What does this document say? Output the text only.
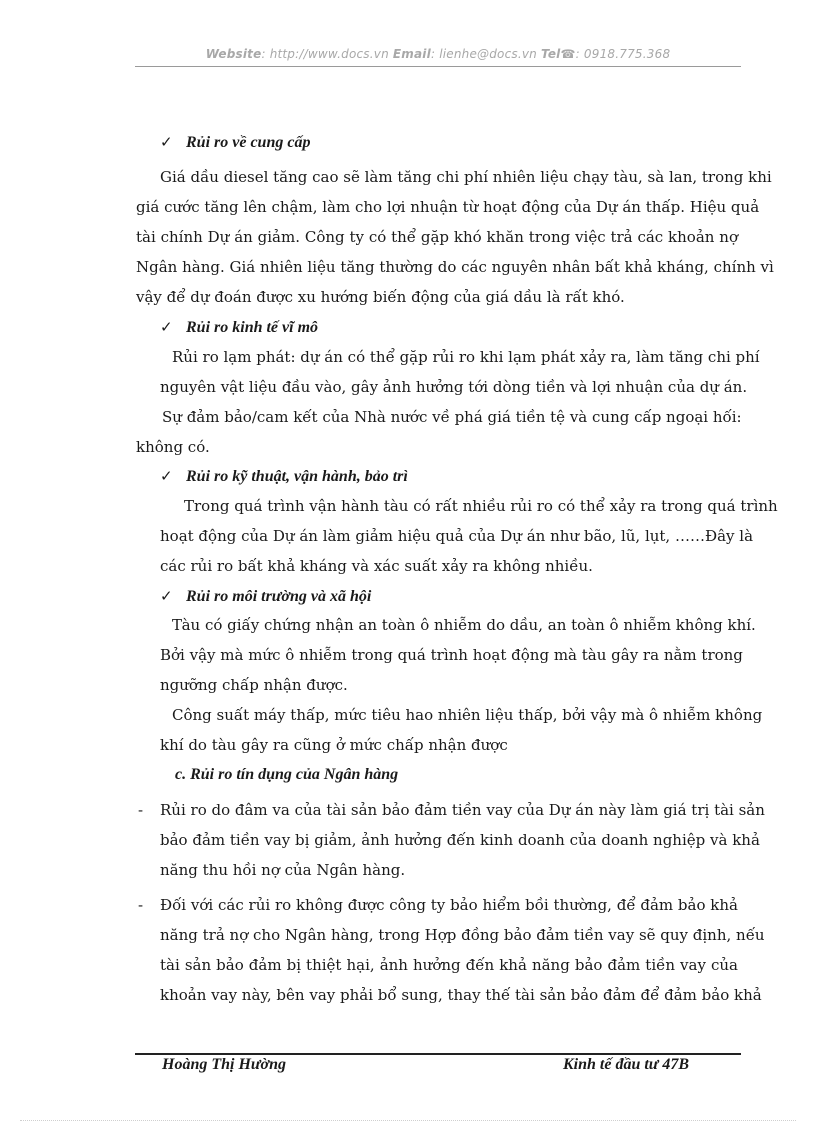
Website: http://www.docs.vn Email: lienhe@docs.vn Tel☎: 0918.775.368
✓ Rủi ro về cung cấp
Giá dầu diesel tăng cao sẽ làm tăng chi phí nhiên liệu chạy tàu, sà lan, trong khi
giá cước tăng lên chậm, làm cho lợi nhuận từ hoạt động của Dự án thấp. Hiệu quả
tài chính Dự án giảm. Công ty có thể gặp khó khăn trong việc trả các khoản nợ
Ngân hàng. Giá nhiên liệu tăng thường do các nguyên nhân bất khả kháng, chính vì
vậy để dự đoán được xu hướng biến động của giá dầu là rất khó.
✓ Rủi ro kinh tế vĩ mô
Rủi ro lạm phát: dự án có thể gặp rủi ro khi lạm phát xảy ra, làm tăng chi phí
nguyên vật liệu đầu vào, gây ảnh hưởng tới dòng tiền và lợi nhuận của dự án.
Sự đảm bảo/cam kết của Nhà nước về phá giá tiền tệ và cung cấp ngoại hối:
không có.
✓ Rủi ro kỹ thuật, vận hành, bảo trì
Trong quá trình vận hành tàu có rất nhiều rủi ro có thể xảy ra trong quá trình
hoạt động của Dự án làm giảm hiệu quả của Dự án như bão, lũ, lụt, ……Đây là
các rủi ro bất khả kháng và xác suất xảy ra không nhiều.
✓ Rủi ro môi trường và xã hội
Tàu có giấy chứng nhận an toàn ô nhiễm do dầu, an toàn ô nhiễm không khí.
Bởi vậy mà mức ô nhiễm trong quá trình hoạt động mà tàu gây ra nằm trong
ngưỡng chấp nhận được.
Công suất máy thấp, mức tiêu hao nhiên liệu thấp, bởi vậy mà ô nhiễm không
khí do tàu gây ra cũng ở mức chấp nhận được
c. Rủi ro tín dụng của Ngân hàng
- Rủi ro do đâm va của tài sản bảo đảm tiền vay của Dự án này làm giá trị tài sản
bảo đảm tiền vay bị giảm, ảnh hưởng đến kinh doanh của doanh nghiệp và khả
năng thu hồi nợ của Ngân hàng.
- Đối với các rủi ro không được công ty bảo hiểm bồi thường, để đảm bảo khả
năng trả nợ cho Ngân hàng, trong Hợp đồng bảo đảm tiền vay sẽ quy định, nếu
tài sản bảo đảm bị thiệt hại, ảnh hưởng đến khả năng bảo đảm tiền vay của
khoản vay này, bên vay phải bổ sung, thay thế tài sản bảo đảm để đảm bảo khả
Hoàng Thị Hường	Kinh tế đầu tư 47B
